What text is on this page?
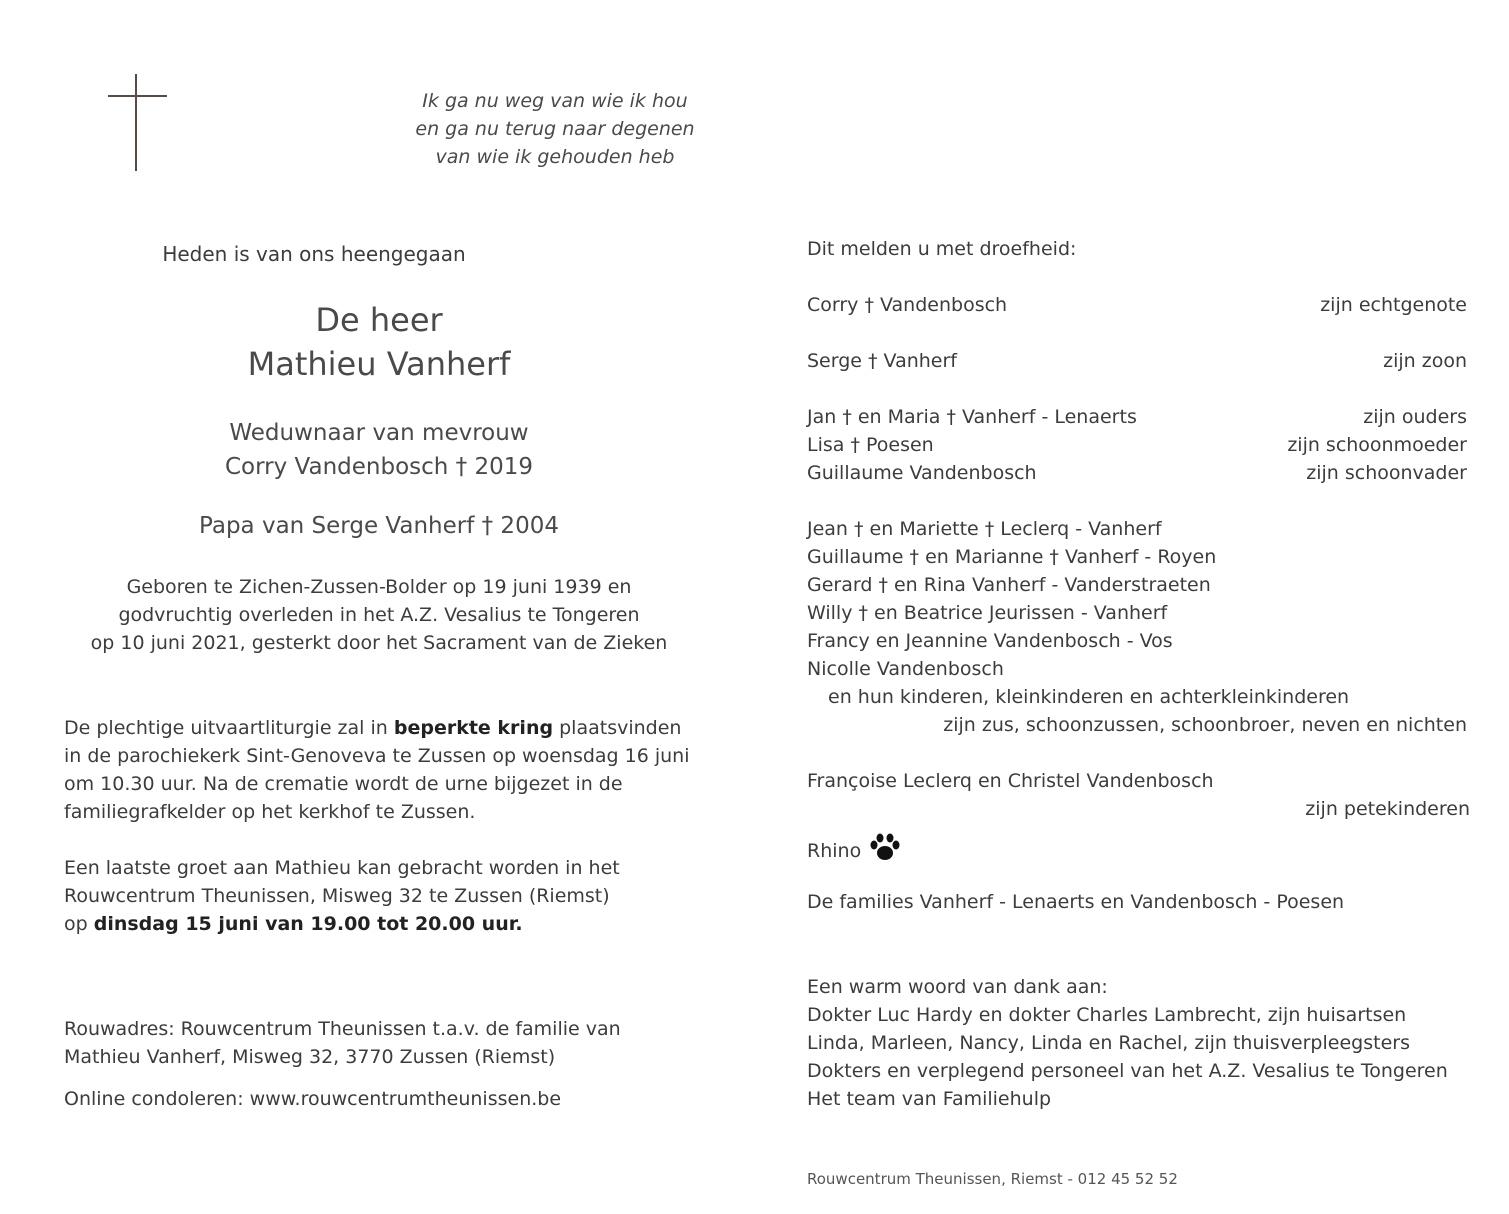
Ik ga nu weg van wie ik hou
en ga nu terug naar degenen
van wie ik gehouden heb
Heden is van ons heengegaan
De heer
Mathieu Vanherf
Weduwnaar van mevrouw
Corry Vandenbosch † 2019
Papa van Serge Vanherf † 2004
Geboren te Zichen-Zussen-Bolder op 19 juni 1939 en
godvruchtig overleden in het A.Z. Vesalius te Tongeren
op 10 juni 2021, gesterkt door het Sacrament van de Zieken
De plechtige uitvaartliturgie zal in beperkte kring plaatsvinden
in de parochiekerk Sint-Genoveva te Zussen op woensdag 16 juni
om 10.30 uur. Na de crematie wordt de urne bijgezet in de
familiegrafkelder op het kerkhof te Zussen.
Een laatste groet aan Mathieu kan gebracht worden in het
Rouwcentrum Theunissen, Misweg 32 te Zussen (Riemst)
op dinsdag 15 juni van 19.00 tot 20.00 uur.
Rouwadres: Rouwcentrum Theunissen t.a.v. de familie van
Mathieu Vanherf, Misweg 32, 3770 Zussen (Riemst)
Online condoleren: www.rouwcentrumtheunissen.be
Dit melden u met droefheid:
Corry † Vandenbosch	zijn echtgenote
Serge † Vanherf	zijn zoon
Jan † en Maria † Vanherf - Lenaerts	zijn ouders
Lisa † Poesen	zijn schoonmoeder
Guillaume Vandenbosch	zijn schoonvader
Jean † en Mariette † Leclerq - Vanherf
Guillaume † en Marianne † Vanherf - Royen
Gerard † en Rina Vanherf - Vanderstraeten
Willy † en Beatrice Jeurissen - Vanherf
Francy en Jeannine Vandenbosch - Vos
Nicolle Vandenbosch
en hun kinderen, kleinkinderen en achterkleinkinderen
zijn zus, schoonzussen, schoonbroer, neven en nichten
Françoise Leclerq en Christel Vandenbosch
zijn petekinderen
Rhino
De families Vanherf - Lenaerts en Vandenbosch - Poesen
Een warm woord van dank aan:
Dokter Luc Hardy en dokter Charles Lambrecht, zijn huisartsen
Linda, Marleen, Nancy, Linda en Rachel, zijn thuisverpleegsters
Dokters en verplegend personeel van het A.Z. Vesalius te Tongeren
Het team van Familiehulp
Rouwcentrum Theunissen, Riemst - 012 45 52 52
